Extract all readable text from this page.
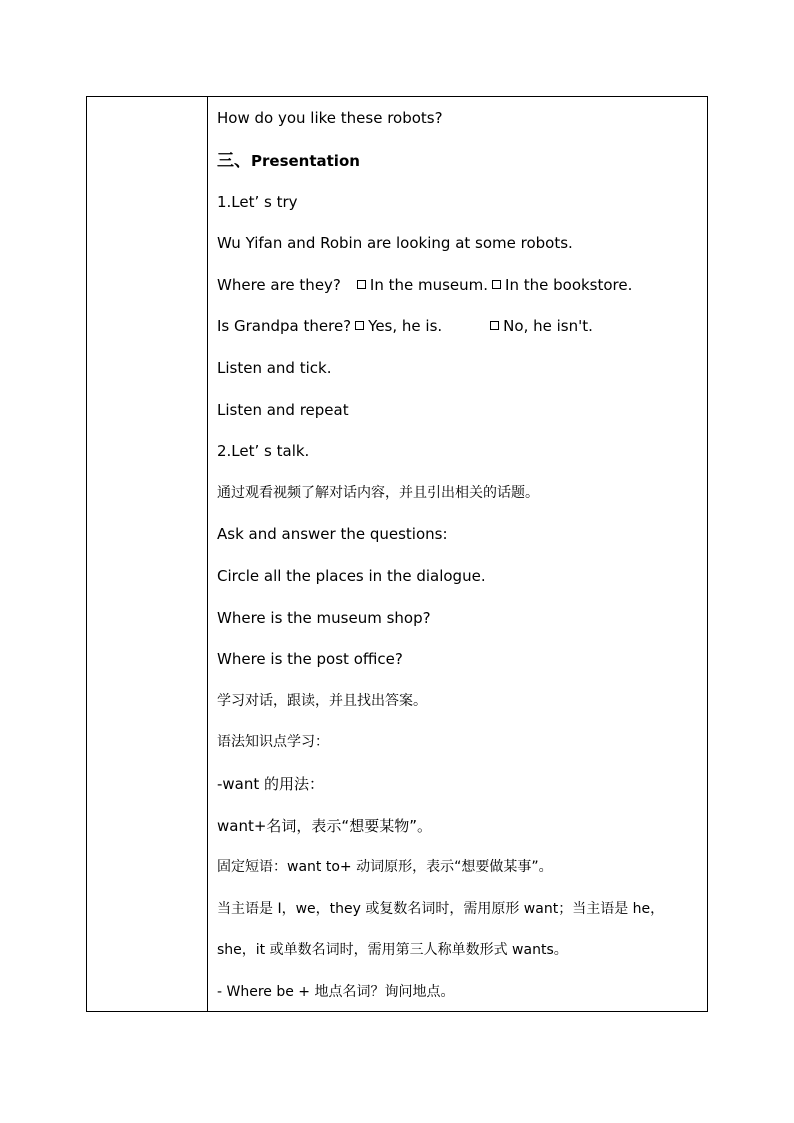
How do you like these robots?
三、Presentation
1.Let’ s try
Wu Yifan and Robin are looking at some robots.
Where are they? In the museum. In the bookstore.
Is Grandpa there? Yes, he is.	No, he isn't.
Listen and tick.
Listen and repeat
2.Let’ s talk.
通过观看视频了解对话内容，并且引出相关的话题。
Ask and answer the questions:
Circle all the places in the dialogue.
Where is the museum shop?
Where is the post office?
学习对话，跟读，并且找出答案。
语法知识点学习：
-want 的用法：
want+名词，表示“想要某物”。
固定短语：want to+ 动词原形，表示“想要做某事”。
当主语是 I，we，they 或复数名词时，需用原形 want；当主语是 he，
she，it 或单数名词时，需用第三人称单数形式 wants。
- Where be + 地点名词？询问地点。
